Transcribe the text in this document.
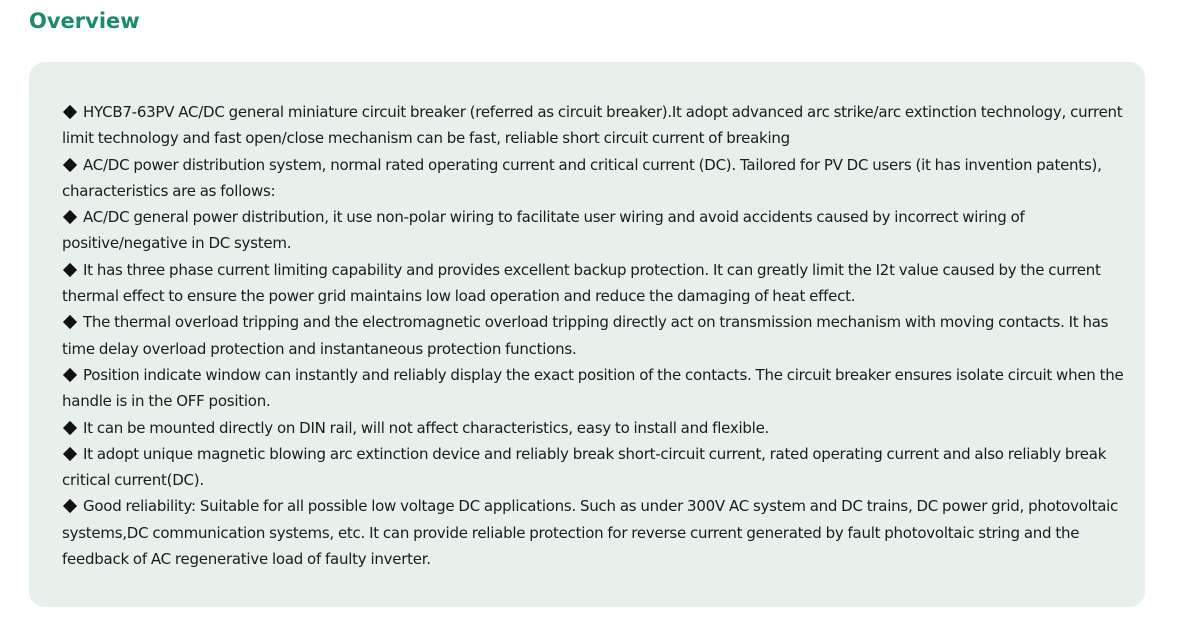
Overview
HYCB7-63PV AC/DC general miniature circuit breaker (referred as circuit breaker).It adopt advanced arc strike/arc extinction technology, current limit technology and fast open/close mechanism can be fast, reliable short circuit current of breaking
AC/DC power distribution system, normal rated operating current and critical current (DC). Tailored for PV DC users (it has invention patents), characteristics are as follows:
AC/DC general power distribution, it use non-polar wiring to facilitate user wiring and avoid accidents caused by incorrect wiring of positive/negative in DC system.
It has three phase current limiting capability and provides excellent backup protection. It can greatly limit the I2t value caused by the current thermal effect to ensure the power grid maintains low load operation and reduce the damaging of heat effect.
The thermal overload tripping and the electromagnetic overload tripping directly act on transmission mechanism with moving contacts. It has time delay overload protection and instantaneous protection functions.
Position indicate window can instantly and reliably display the exact position of the contacts. The circuit breaker ensures isolate circuit when the handle is in the OFF position.
It can be mounted directly on DIN rail, will not affect characteristics, easy to install and flexible.
It adopt unique magnetic blowing arc extinction device and reliably break short-circuit current, rated operating current and also reliably break critical current(DC).
Good reliability: Suitable for all possible low voltage DC applications. Such as under 300V AC system and DC trains, DC power grid, photovoltaic systems,DC communication systems, etc. It can provide reliable protection for reverse current generated by fault photovoltaic string and the feedback of AC regenerative load of faulty inverter.
